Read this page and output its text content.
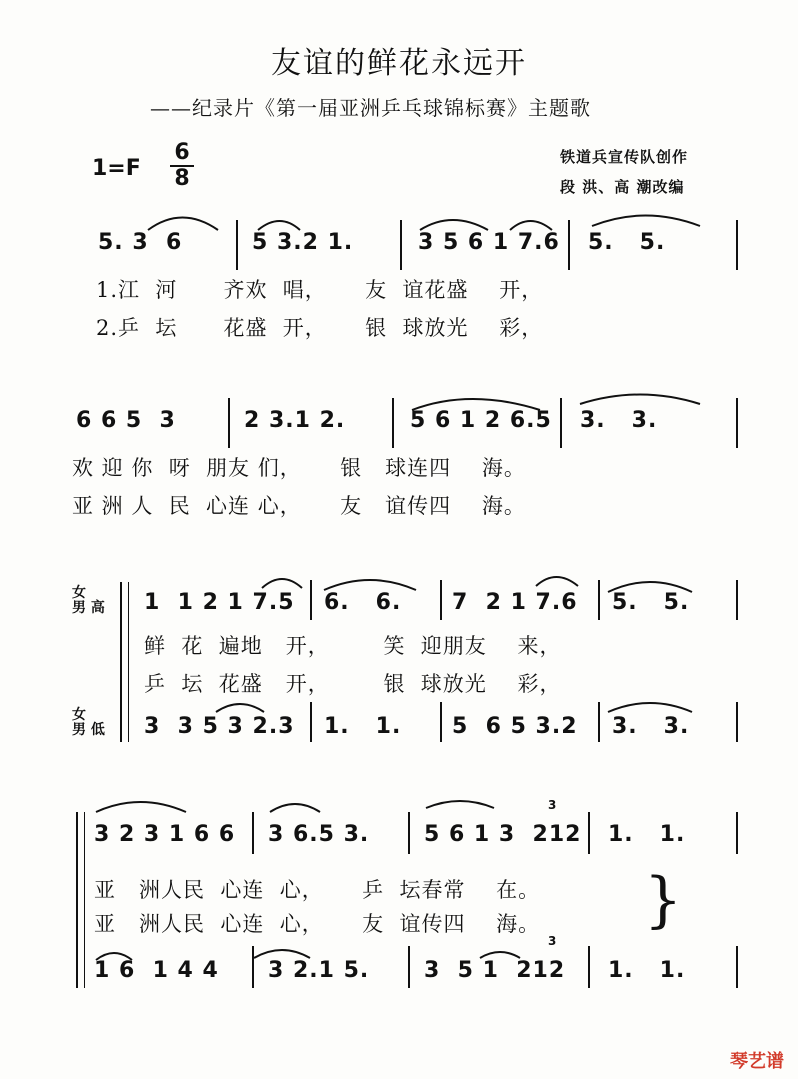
友谊的鲜花永远开
——纪录片《第一届亚洲乒乓球锦标赛》主题歌
1=F
6
8
铁道兵宣传队创作
段 洪、高 潮改编
5. 3  6	5 3.2 1.	3 5 6 1 7.6 5.   5.
1.江  河      齐欢  唱，     友  谊花盛    开，
2.乒  坛      花盛  开，     银  球放光    彩，
6 6 5  3	2 3.1 2.	5 6 1 2 6.5 3.   3.
欢 迎 你  呀  朋友 们，     银   球连四    海。
亚 洲 人  民  心连 心，     友   谊传四    海。
女
男 高
女
男 低
1  1 2 1 7.5 6.   6. 7  2 1 7.6 5.   5.
鲜  花  遍地   开，       笑  迎朋友    来，
乒  坛  花盛   开，       银  球放光    彩，
3  3 5 3 2.3 1.   1. 5  6 5 3.2 3.   3.
3 2 3 1 6 6 3 6.5 3. 5 6 1 3  212
3
1.   1.
亚   洲人民  心连  心，     乒  坛春常    在。
亚   洲人民  心连  心，     友  谊传四    海。 }
1 6  1 4 4 3 2.1 5. 3  5 1  212
3
1.   1.
琴艺谱
